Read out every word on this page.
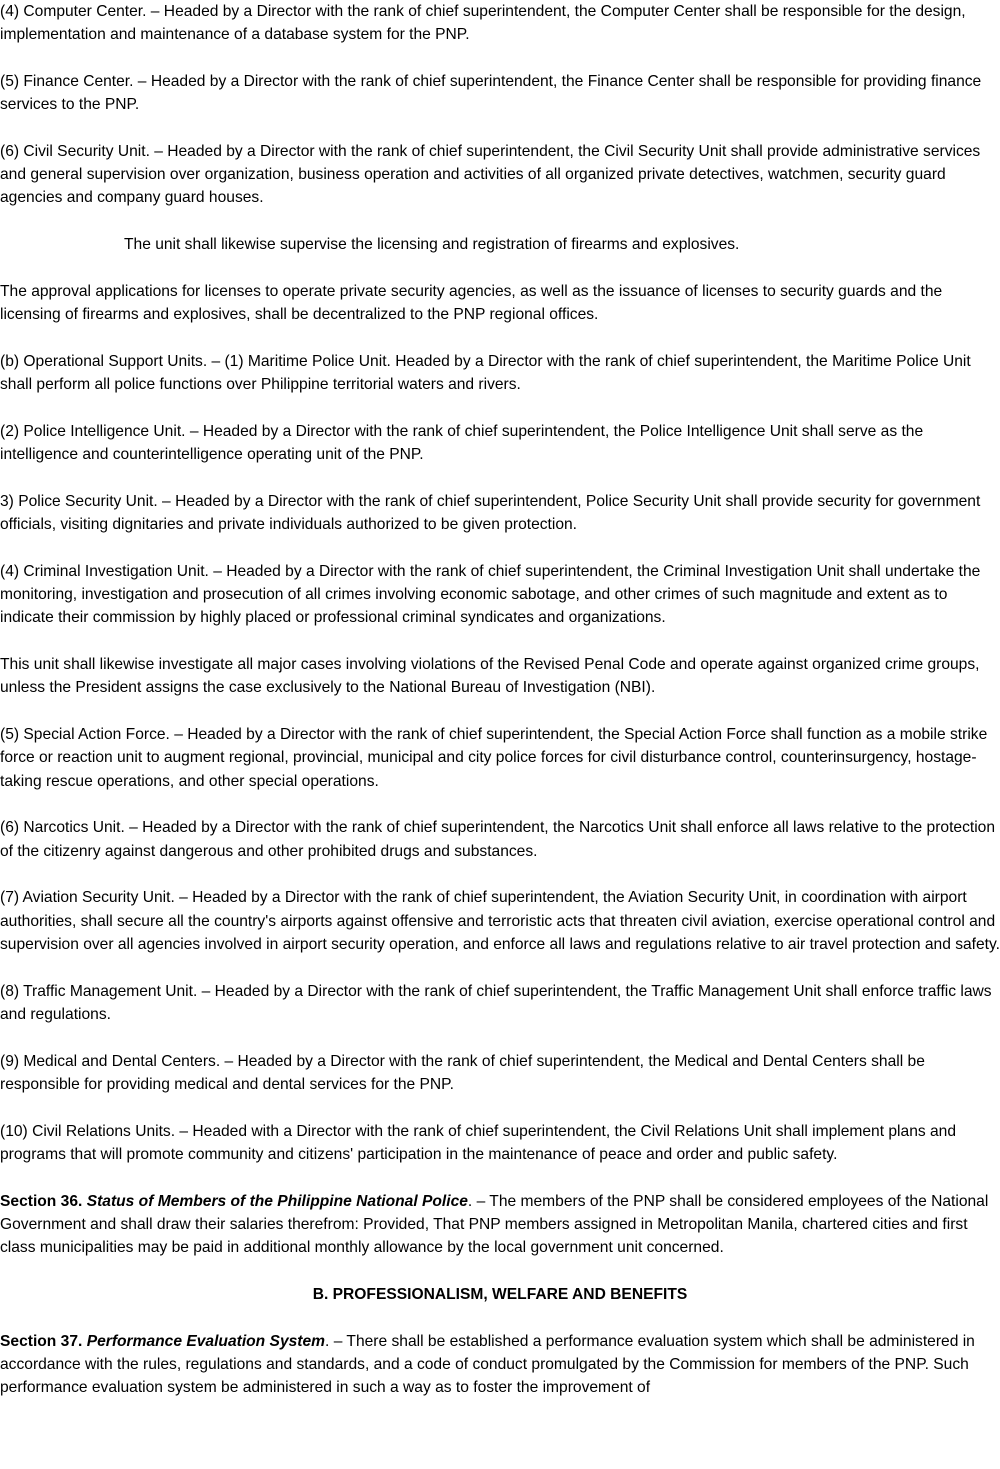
(4) Computer Center. – Headed by a Director with the rank of chief superintendent, the Computer Center shall be responsible for the design, implementation and maintenance of a database system for the PNP.

(5) Finance Center. – Headed by a Director with the rank of chief superintendent, the Finance Center shall be responsible for providing finance services to the PNP.

(6) Civil Security Unit. – Headed by a Director with the rank of chief superintendent, the Civil Security Unit shall provide administrative services and general supervision over organization, business operation and activities of all organized private detectives, watchmen, security guard agencies and company guard houses.

The unit shall likewise supervise the licensing and registration of firearms and explosives.

The approval applications for licenses to operate private security agencies, as well as the issuance of licenses to security guards and the licensing of firearms and explosives, shall be decentralized to the PNP regional offices.

(b) Operational Support Units. – (1) Maritime Police Unit. Headed by a Director with the rank of chief superintendent, the Maritime Police Unit shall perform all police functions over Philippine territorial waters and rivers.

(2) Police Intelligence Unit. – Headed by a Director with the rank of chief superintendent, the Police Intelligence Unit shall serve as the intelligence and counterintelligence operating unit of the PNP.

3) Police Security Unit. – Headed by a Director with the rank of chief superintendent, Police Security Unit shall provide security for government officials, visiting dignitaries and private individuals authorized to be given protection.

(4) Criminal Investigation Unit. – Headed by a Director with the rank of chief superintendent, the Criminal Investigation Unit shall undertake the monitoring, investigation and prosecution of all crimes involving economic sabotage, and other crimes of such magnitude and extent as to indicate their commission by highly placed or professional criminal syndicates and organizations.

This unit shall likewise investigate all major cases involving violations of the Revised Penal Code and operate against organized crime groups, unless the President assigns the case exclusively to the National Bureau of Investigation (NBI).

(5) Special Action Force. – Headed by a Director with the rank of chief superintendent, the Special Action Force shall function as a mobile strike force or reaction unit to augment regional, provincial, municipal and city police forces for civil disturbance control, counterinsurgency, hostage-taking rescue operations, and other special operations.

(6) Narcotics Unit. – Headed by a Director with the rank of chief superintendent, the Narcotics Unit shall enforce all laws relative to the protection of the citizenry against dangerous and other prohibited drugs and substances.

(7) Aviation Security Unit. – Headed by a Director with the rank of chief superintendent, the Aviation Security Unit, in coordination with airport authorities, shall secure all the country's airports against offensive and terroristic acts that threaten civil aviation, exercise operational control and supervision over all agencies involved in airport security operation, and enforce all laws and regulations relative to air travel protection and safety.

(8) Traffic Management Unit. – Headed by a Director with the rank of chief superintendent, the Traffic Management Unit shall enforce traffic laws and regulations.

(9) Medical and Dental Centers. – Headed by a Director with the rank of chief superintendent, the Medical and Dental Centers shall be responsible for providing medical and dental services for the PNP.

(10) Civil Relations Units. – Headed with a Director with the rank of chief superintendent, the Civil Relations Unit shall implement plans and programs that will promote community and citizens' participation in the maintenance of peace and order and public safety.

Section 36. Status of Members of the Philippine National Police. – The members of the PNP shall be considered employees of the National Government and shall draw their salaries therefrom: Provided, That PNP members assigned in Metropolitan Manila, chartered cities and first class municipalities may be paid in additional monthly allowance by the local government unit concerned.

B. PROFESSIONALISM, WELFARE AND BENEFITS

Section 37. Performance Evaluation System. – There shall be established a performance evaluation system which shall be administered in accordance with the rules, regulations and standards, and a code of conduct promulgated by the Commission for members of the PNP. Such performance evaluation system be administered in such a way as to foster the improvement of
